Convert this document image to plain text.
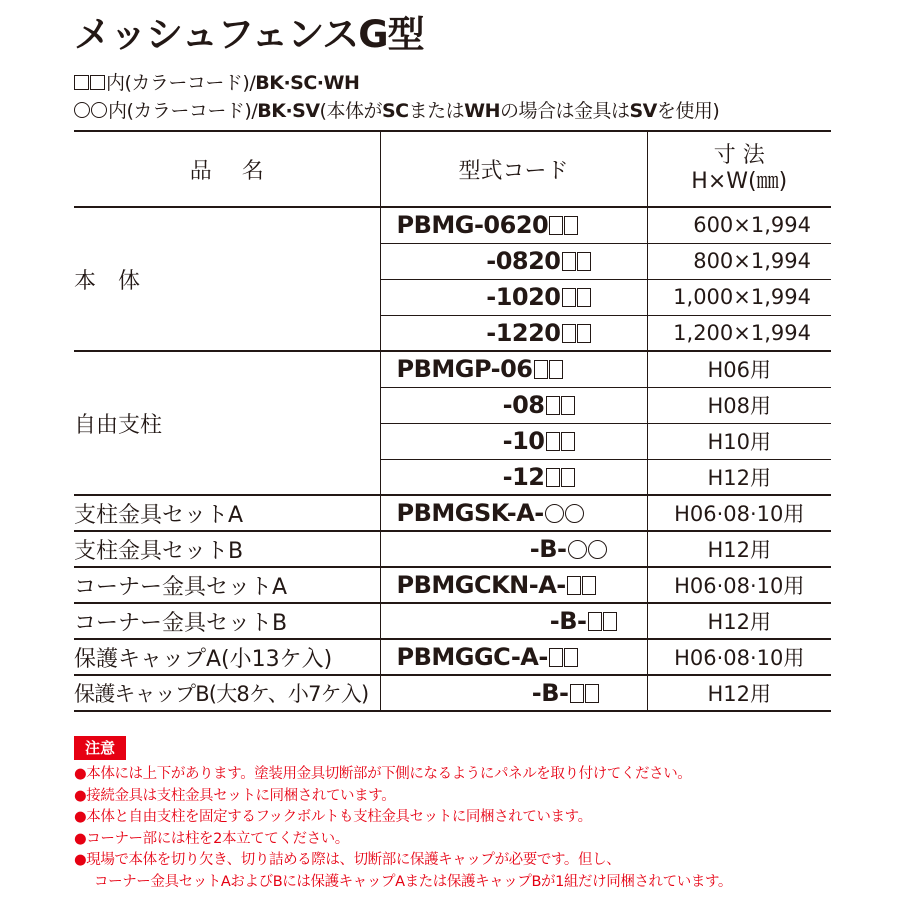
メッシュフェンスG型
内(カラーコード)/BK·SC·WH
内(カラーコード)/BK·SV(本体がSCまたはWHの場合は金具はSVを使用)
品名	型式コード	寸 法
H×W(㎜)

本体	PBMG-0620	600×1,994
	-0820	800×1,994
	-1020	1,000×1,994
	-1220	1,200×1,994
自由支柱	PBMGP-06	H06用
	-08	H08用
	-10	H10用
	-12	H12用
支柱金具セットA	PBMGSK-A-	H06·08·10用
支柱金具セットB	-B-	H12用
コーナー金具セットA	PBMGCKN-A-	H06·08·10用
コーナー金具セットB	-B-	H12用
保護キャップA(小13ケ入)	PBMGGC-A-	H06·08·10用
保護キャップB(大8ケ、小7ケ入)	-B-	H12用
注意
●本体には上下があります。塗装用金具切断部が下側になるようにパネルを取り付けてください。
●接続金具は支柱金具セットに同梱されています。
●本体と自由支柱を固定するフックボルトも支柱金具セットに同梱されています。
●コーナー部には柱を2本立ててください。
●現場で本体を切り欠き、切り詰める際は、切断部に保護キャップが必要です。但し、
コーナー金具セットAおよびBには保護キャップAまたは保護キャップBが1組だけ同梱されています。
